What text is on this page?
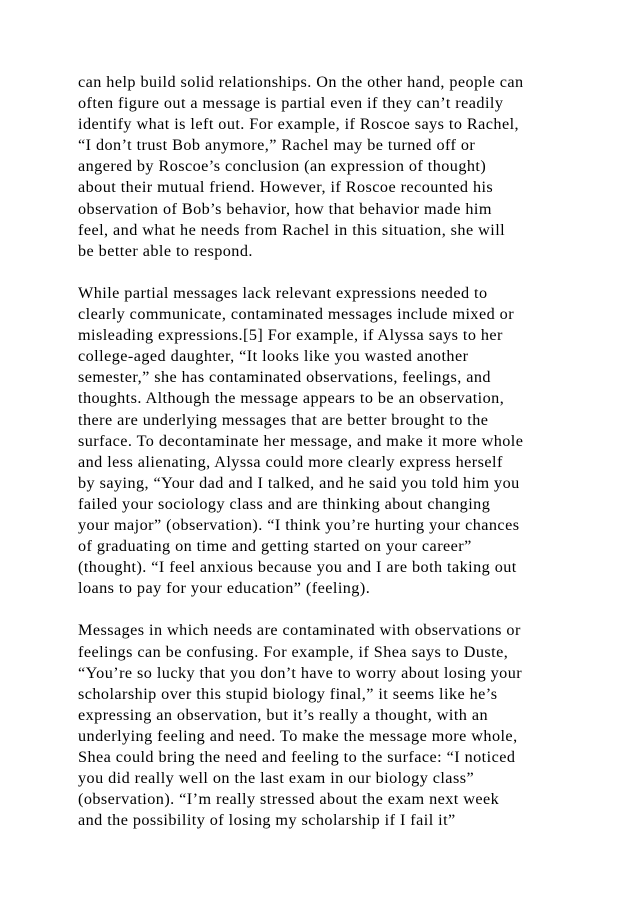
can help build solid relationships. On the other hand, people can
often figure out a message is partial even if they can’t readily
identify what is left out. For example, if Roscoe says to Rachel,
“I don’t trust Bob anymore,” Rachel may be turned off or
angered by Roscoe’s conclusion (an expression of thought)
about their mutual friend. However, if Roscoe recounted his
observation of Bob’s behavior, how that behavior made him
feel, and what he needs from Rachel in this situation, she will
be better able to respond.
While partial messages lack relevant expressions needed to
clearly communicate, contaminated messages include mixed or
misleading expressions.[5] For example, if Alyssa says to her
college-aged daughter, “It looks like you wasted another
semester,” she has contaminated observations, feelings, and
thoughts. Although the message appears to be an observation,
there are underlying messages that are better brought to the
surface. To decontaminate her message, and make it more whole
and less alienating, Alyssa could more clearly express herself
by saying, “Your dad and I talked, and he said you told him you
failed your sociology class and are thinking about changing
your major” (observation). “I think you’re hurting your chances
of graduating on time and getting started on your career”
(thought). “I feel anxious because you and I are both taking out
loans to pay for your education” (feeling).
Messages in which needs are contaminated with observations or
feelings can be confusing. For example, if Shea says to Duste,
“You’re so lucky that you don’t have to worry about losing your
scholarship over this stupid biology final,” it seems like he’s
expressing an observation, but it’s really a thought, with an
underlying feeling and need. To make the message more whole,
Shea could bring the need and feeling to the surface: “I noticed
you did really well on the last exam in our biology class”
(observation). “I’m really stressed about the exam next week
and the possibility of losing my scholarship if I fail it”
